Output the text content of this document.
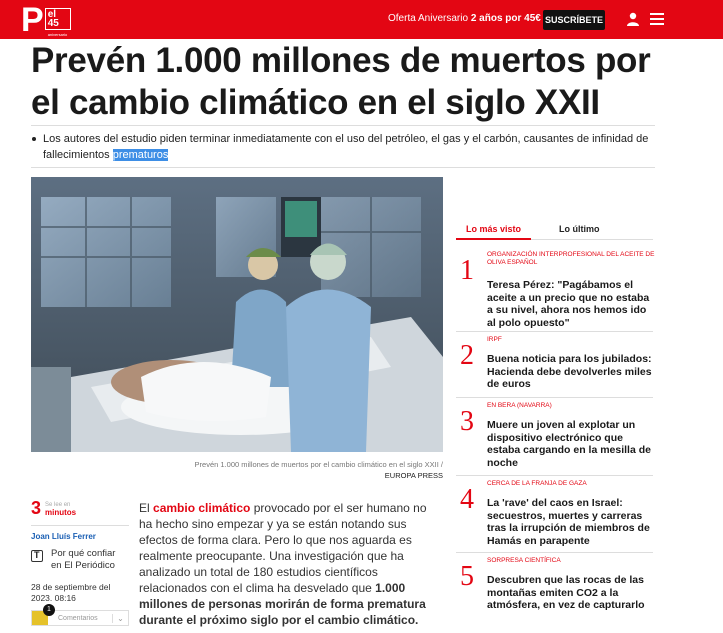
P el 45
aniversario
Oferta Aniversario 2 años por 45€ SUSCRÍBETE
Prevén 1.000 millones de muertos por el cambio climático en el siglo XXII

Los autores del estudio piden terminar inmediatamente con el uso del petróleo, el gas y el carbón, causantes de infinidad de fallecimientos prematuros

Prevén 1.000 millones de muertos por el cambio climático en el siglo XXII /
EUROPA PRESS
3 Se lee en
minutos
Joan Lluís Ferrer
T
Por qué confiar en El Periódico
28 de septiembre del 2023. 08:16
1
Comentarios	⌄

El cambio climático provocado por el ser humano no ha hecho sino empezar y ya se están notando sus efectos de forma clara. Pero lo que nos aguarda es realmente preocupante. Una investigación que ha analizado un total de 180 estudios científicos relacionados con el clima ha desvelado que 1.000 millones de personas morirán de forma prematura durante el próximo siglo por el cambio climático.

Lo más visto	Lo último
1
ORGANIZACIÓN INTERPROFESIONAL DEL ACEITE DE OLIVA ESPAÑOL
Teresa Pérez: "Pagábamos el aceite a un precio que no estaba a su nivel, ahora nos hemos ido al polo opuesto"
2
IRPF
Buena noticia para los jubilados: Hacienda debe devolverles miles de euros
3
EN BERA (NAVARRA)
Muere un joven al explotar un dispositivo electrónico que estaba cargando en la mesilla de noche
4
CERCA DE LA FRANJA DE GAZA
La 'rave' del caos en Israel: secuestros, muertes y carreras tras la irrupción de miembros de Hamás en parapente
5
SORPRESA CIENTÍFICA
Descubren que las rocas de las montañas emiten CO2 a la atmósfera, en vez de capturarlo
